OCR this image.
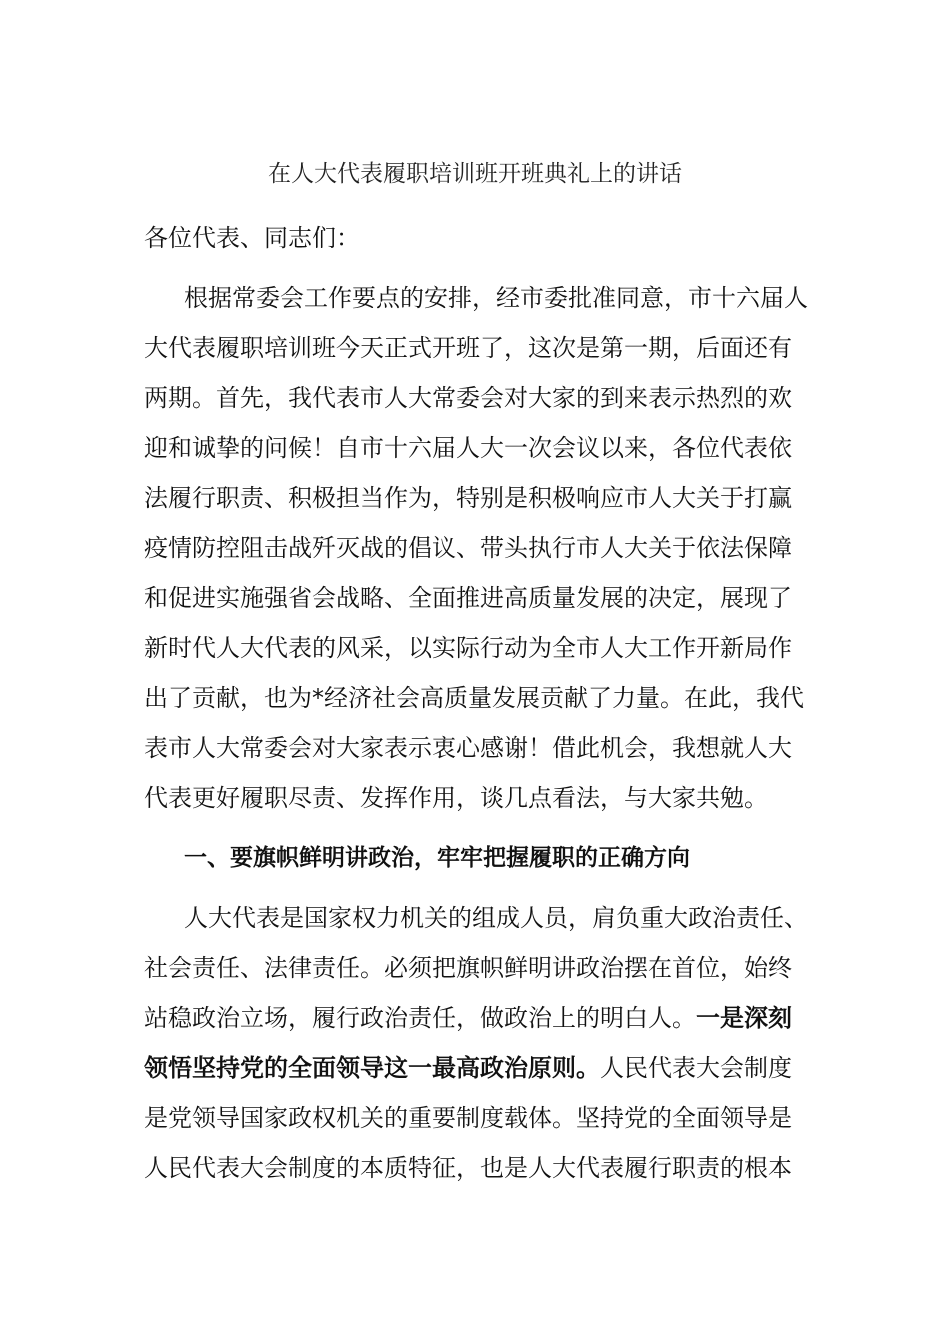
在人大代表履职培训班开班典礼上的讲话
各位代表、同志们：
根据常委会工作要点的安排，经市委批准同意，市十六届人
大代表履职培训班今天正式开班了，这次是第一期，后面还有
两期。首先，我代表市人大常委会对大家的到来表示热烈的欢
迎和诚挚的问候！自市十六届人大一次会议以来，各位代表依
法履行职责、积极担当作为，特别是积极响应市人大关于打赢
疫情防控阻击战歼灭战的倡议、带头执行市人大关于依法保障
和促进实施强省会战略、全面推进高质量发展的决定，展现了
新时代人大代表的风采，以实际行动为全市人大工作开新局作
出了贡献，也为*经济社会高质量发展贡献了力量。在此，我代
表市人大常委会对大家表示衷心感谢！借此机会，我想就人大
代表更好履职尽责、发挥作用，谈几点看法，与大家共勉。
一、要旗帜鲜明讲政治，牢牢把握履职的正确方向
人大代表是国家权力机关的组成人员，肩负重大政治责任、
社会责任、法律责任。必须把旗帜鲜明讲政治摆在首位，始终
站稳政治立场，履行政治责任，做政治上的明白人。一是深刻
领悟坚持党的全面领导这一最高政治原则。人民代表大会制度
是党领导国家政权机关的重要制度载体。坚持党的全面领导是
人民代表大会制度的本质特征，也是人大代表履行职责的根本
